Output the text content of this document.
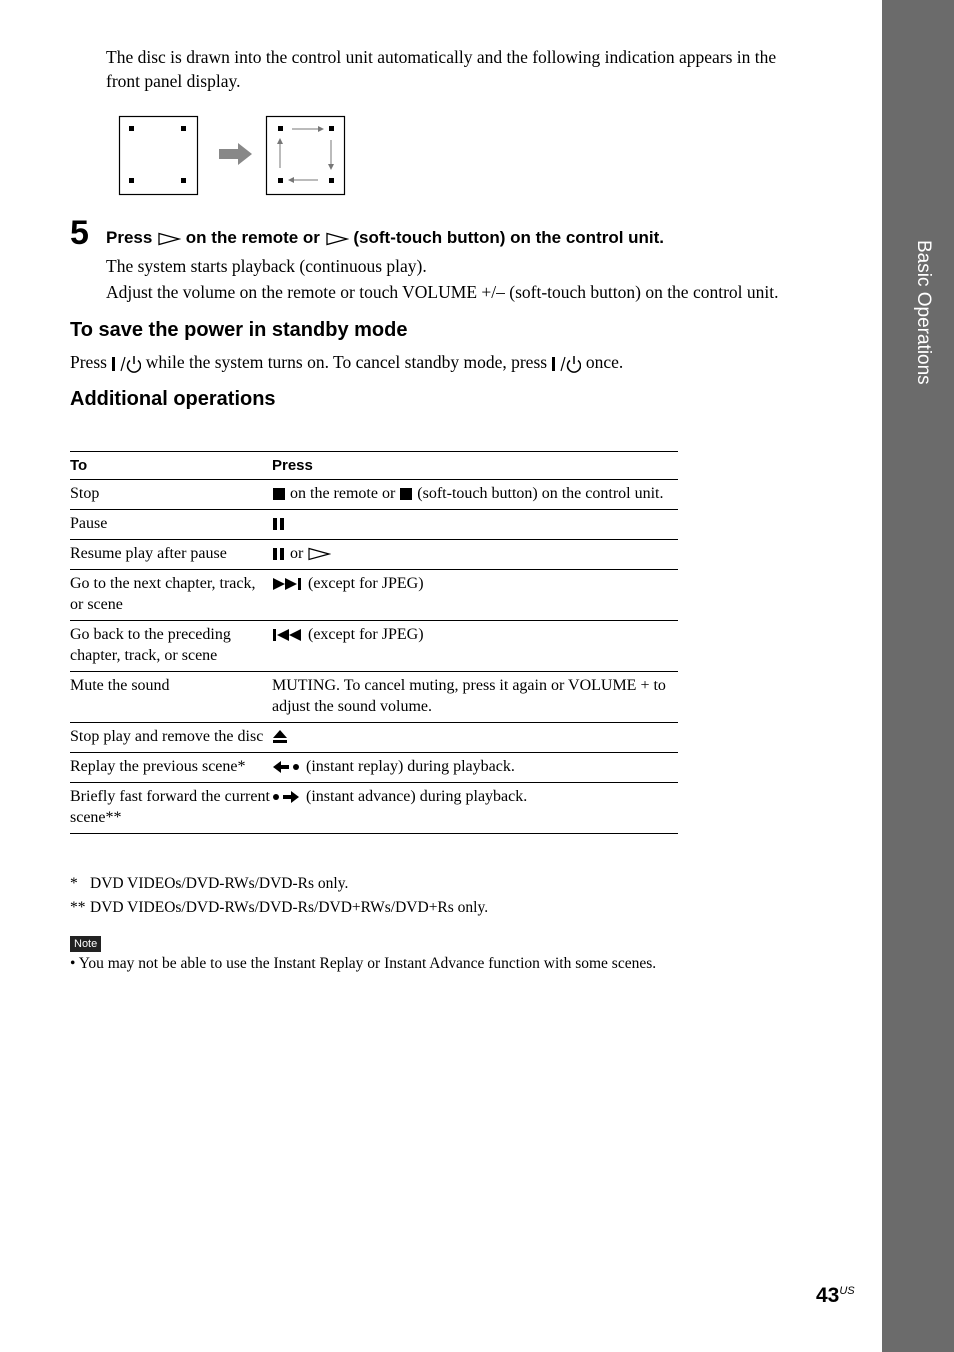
Basic Operations
The disc is drawn into the control unit automatically and the following indication appears in the
front panel display.
5 Press on the remote or (soft-touch button) on the control unit.
The system starts playback (continuous play).
Adjust the volume on the remote or touch VOLUME +/– (soft-touch button) on the control unit.
To save the power in standby mode
Press while the system turns on. To cancel standby mode, press once.
Additional operations
To	Press
Stop	on the remote or (soft-touch button) on the control unit.
Pause	
Resume play after pause	or
Go to the next chapter, track, or scene	(except for JPEG)
Go back to the preceding chapter, track, or scene	(except for JPEG)
Mute the sound	MUTING. To cancel muting, press it again or VOLUME + to adjust the sound volume.
Stop play and remove the disc	
Replay the previous scene*	(instant replay) during playback.
Briefly fast forward the current scene**	(instant advance) during playback.
* DVD VIDEOs/DVD-RWs/DVD-Rs only.
** DVD VIDEOs/DVD-RWs/DVD-Rs/DVD+RWs/DVD+Rs only.
Note
• You may not be able to use the Instant Replay or Instant Advance function with some scenes.
$43^{US}$
